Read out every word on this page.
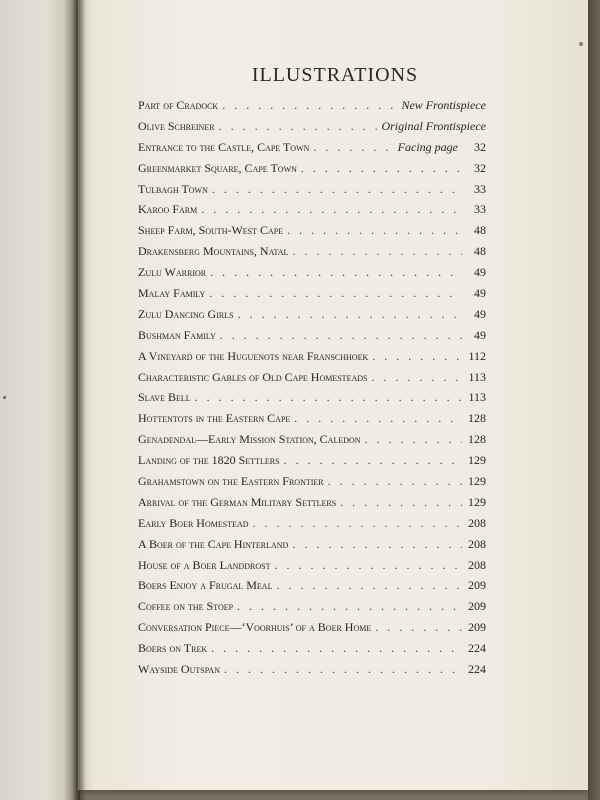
ILLUSTRATIONS
Part of Cradock . . .	New Frontispiece
Olive Schreiner . . .	Original Frontispiece
Entrance to the Castle, Cape Town . . .	Facing page	32
Greenmarket Square, Cape Town . . .	32
Tulbagh Town . . .	33
Karoo Farm . . .	33
Sheep Farm, South-West Cape . . .	48
Drakensberg Mountains, Natal . . .	48
Zulu Warrior . . .	49
Malay Family . . .	49
Zulu Dancing Girls . . .	49
Bushman Family . . .	49
A Vineyard of the Huguenots near Franschhoek . . .	112
Characteristic Gables of Old Cape Homesteads . . .	113
Slave Bell . . .	113
Hottentots in the Eastern Cape . . .	128
Genadendal—Early Mission Station, Caledon . . .	128
Landing of the 1820 Settlers . . .	129
Grahamstown on the Eastern Frontier . . .	129
Arrival of the German Military Settlers . . .	129
Early Boer Homestead . . .	208
A Boer of the Cape Hinterland . . .	208
House of a Boer Landdrost . . .	208
Boers Enjoy a Frugal Meal . . .	209
Coffee on the Stoep . . .	209
Conversation Piece—‘Voorhuis’ of a Boer Home . . .	209
Boers on Trek . . .	224
Wayside Outspan . . .	224
